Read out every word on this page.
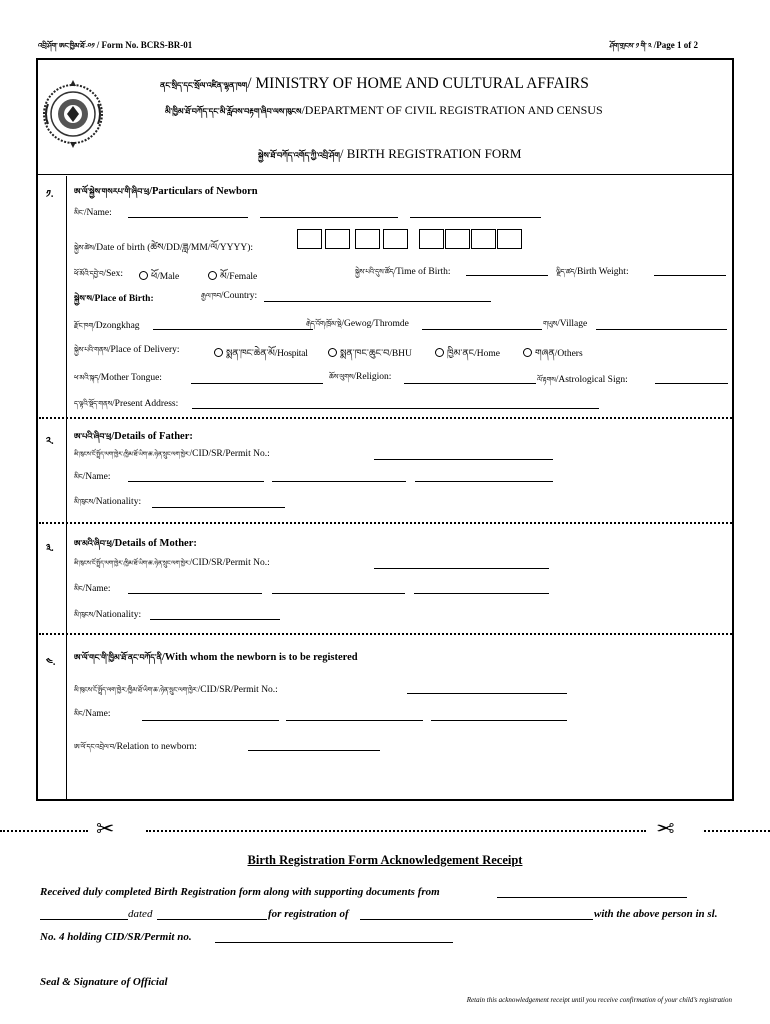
འབྲི་ཤོག་ ཨང་ཁྱིམ་ཐོ་-༠༡ / Form No. BCRS-BR-01	ཤོག་གྲངས་ ༡ གི་ ༢ /Page 1 of 2
ནང་སྲིད་དང་སྲོལ་འཛིན་ལྷན་ཁག/ MINISTRY OF HOME AND CULTURAL AFFAIRS
མི་ཁྱིམ་ཐོ་བཀོད་དང་མི་རློབས་བརྟག་ཞིབ་ལས་ཁུངས/DEPARTMENT OF CIVIL REGISTRATION AND CENSUS
སྐྱེས་ཐོ་བཀོད་འགོད་ཀྱི་འབྲི་ཤོག/ BIRTH REGISTRATION FORM
༡.	ཨ་ལོ་སྐྱེས་གསརཔ་གི་ཞིབ་ཕྲ/Particulars of Newborn
མིང་/Name:
སྐྱེས་ཚེས/Date of birth (ཚེས/DD/ཟླ/MM/ལོ/YYYY):
ཕོ་མོའི་དབྱེ་བ/Sex:	ཕོ/Male	མོ/Female	སྐྱེས་པའི་དུས་ཚོད/Time of Birth:	ལྗིད་ཚད/Birth Weight:
སྐྱེས་ས/Place of Birth:	རྒྱལ་ཁབ/Country:
རྫོང་ཁག/Dzongkhag	རྒེད་འོག/ཁྲོམ་སྡེ/Gewog/Thromde	གཡུས/Village
སྐྱེས་པའི་གནས/Place of Delivery:	སྨན་ཁང་ཆེན་མོ/Hospital	སྨན་ཁང་ཆུང་བ/BHU	ཁྱིམ་ནང/Home	གཞན/Others
ཕ་མའི་སྐད/Mother Tongue:	ཆོས་ལུགས/Religion:	ལོ་རྟགས/Astrological Sign:
ད་ལྟའི་སྡོད་གནས/Present Address:
༢.	ཨ་པའི་ཞིབ་ཕྲ/Details of Father:
མི་ཁུངས་ངོ་སྤྲོད་ལག་ཁྱེར་/ཁྱིམ་ཐོ་ཡིག་ཆ་/ཉེན་སྲུང་ལག་ཁྱེར་/CID/SR/Permit No.:
མིང/Name:
མི་ཁུངས/Nationality:
༣.	ཨ་མའི་ཞིབ་ཕྲ/Details of Mother:
མི་ཁུངས་ངོ་སྤྲོད་ལག་ཁྱེར་/ཁྱིམ་ཐོ་ཡིག་ཆ་/ཉེན་སྲུང་ལག་ཁྱེར་/CID/SR/Permit No.:
མིང/Name:
མི་ཁུངས/Nationality:
༤. ཨ་ལོ་གང་གི་ཁྱིམ་ཐོ་ནང་བཀོད་ནི/With whom the newborn is to be registered
མི་ཁུངས་ངོ་སྤྲོད་ལག་ཁྱེར་/ཁྱིམ་ཐོ་ཡིག་ཆ་/ཉེན་སྲུང་ལག་ཁྱེར་/CID/SR/Permit No.:
མིང/Name:
ཨ་ལོ་དང་འབྲེལ་བ/Relation to newborn:
✂	✂
Birth Registration Form Acknowledgement Receipt
Received duly completed Birth Registration form along with supporting documents from
dated	for registration of	with the above person in sl.
No. 4 holding CID/SR/Permit no.
Seal & Signature of Official
Retain this acknowledgement receipt until you receive confirmation of your child’s registration
